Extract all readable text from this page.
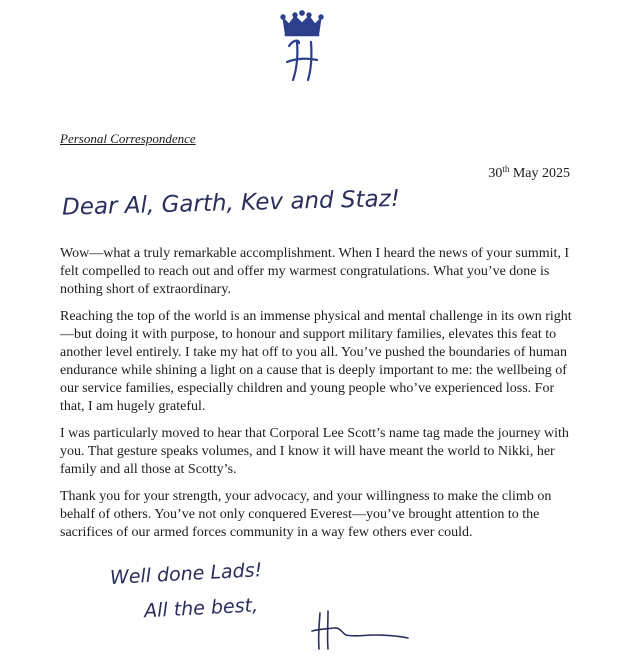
Personal Correspondence
30th May 2025
Dear Al, Garth, Kev and Staz!
Wow—what a truly remarkable accomplishment. When I heard the news of your summit, I felt compelled to reach out and offer my warmest congratulations. What you’ve done is nothing short of extraordinary.
Reaching the top of the world is an immense physical and mental challenge in its own right—but doing it with purpose, to honour and support military families, elevates this feat to another level entirely. I take my hat off to you all. You’ve pushed the boundaries of human endurance while shining a light on a cause that is deeply important to me: the wellbeing of our service families, especially children and young people who’ve experienced loss. For that, I am hugely grateful.
I was particularly moved to hear that Corporal Lee Scott’s name tag made the journey with you. That gesture speaks volumes, and I know it will have meant the world to Nikki, her family and all those at Scotty’s.
Thank you for your strength, your advocacy, and your willingness to make the climb on behalf of others. You’ve not only conquered Everest—you’ve brought attention to the sacrifices of our armed forces community in a way few others ever could.
Well done Lads!
All the best,
